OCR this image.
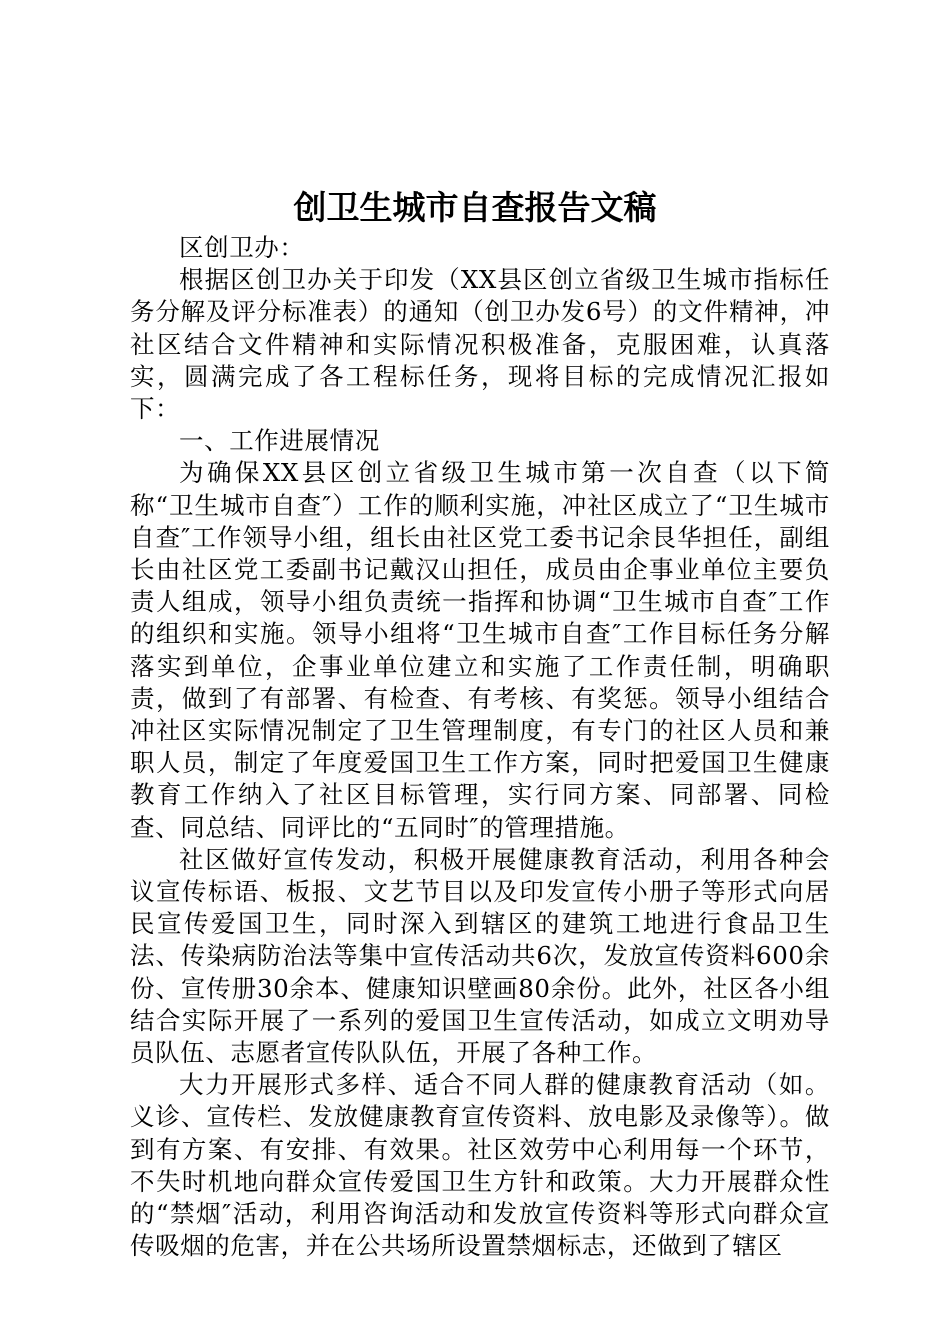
创卫生城市自查报告文稿

区创卫办：

根据区创卫办关于印发（XX县区创立省级卫生城市指标任务分解及评分标准表）的通知（创卫办发6号）的文件精神，冲社区结合文件精神和实际情况积极准备，克服困难，认真落实，圆满完成了各工程标任务，现将目标的完成情况汇报如下：

一、工作进展情况

为确保XX县区创立省级卫生城市第一次自查（以下简称“卫生城市自查″）工作的顺利实施，冲社区成立了“卫生城市自查″工作领导小组，组长由社区党工委书记余艮华担任，副组长由社区党工委副书记戴汉山担任，成员由企事业单位主要负责人组成，领导小组负责统一指挥和协调“卫生城市自查″工作的组织和实施。领导小组将“卫生城市自查″工作目标任务分解落实到单位，企事业单位建立和实施了工作责任制，明确职责，做到了有部署、有检查、有考核、有奖惩。领导小组结合冲社区实际情况制定了卫生管理制度，有专门的社区人员和兼职人员，制定了年度爱国卫生工作方案，同时把爱国卫生健康教育工作纳入了社区目标管理，实行同方案、同部署、同检查、同总结、同评比的“五同时″的管理措施。

社区做好宣传发动，积极开展健康教育活动，利用各种会议宣传标语、板报、文艺节目以及印发宣传小册子等形式向居民宣传爱国卫生，同时深入到辖区的建筑工地进行食品卫生法、传染病防治法等集中宣传活动共6次，发放宣传资料600余份、宣传册30余本、健康知识壁画80余份。此外，社区各小组结合实际开展了一系列的爱国卫生宣传活动，如成立文明劝导员队伍、志愿者宣传队队伍，开展了各种工作。

大力开展形式多样、适合不同人群的健康教育活动（如。义诊、宣传栏、发放健康教育宣传资料、放电影及录像等）。做到有方案、有安排、有效果。社区效劳中心利用每一个环节，不失时机地向群众宣传爱国卫生方针和政策。大力开展群众性的“禁烟″活动，利用咨询活动和发放宣传资料等形式向群众宣传吸烟的危害，并在公共场所设置禁烟标志，还做到了辖区
